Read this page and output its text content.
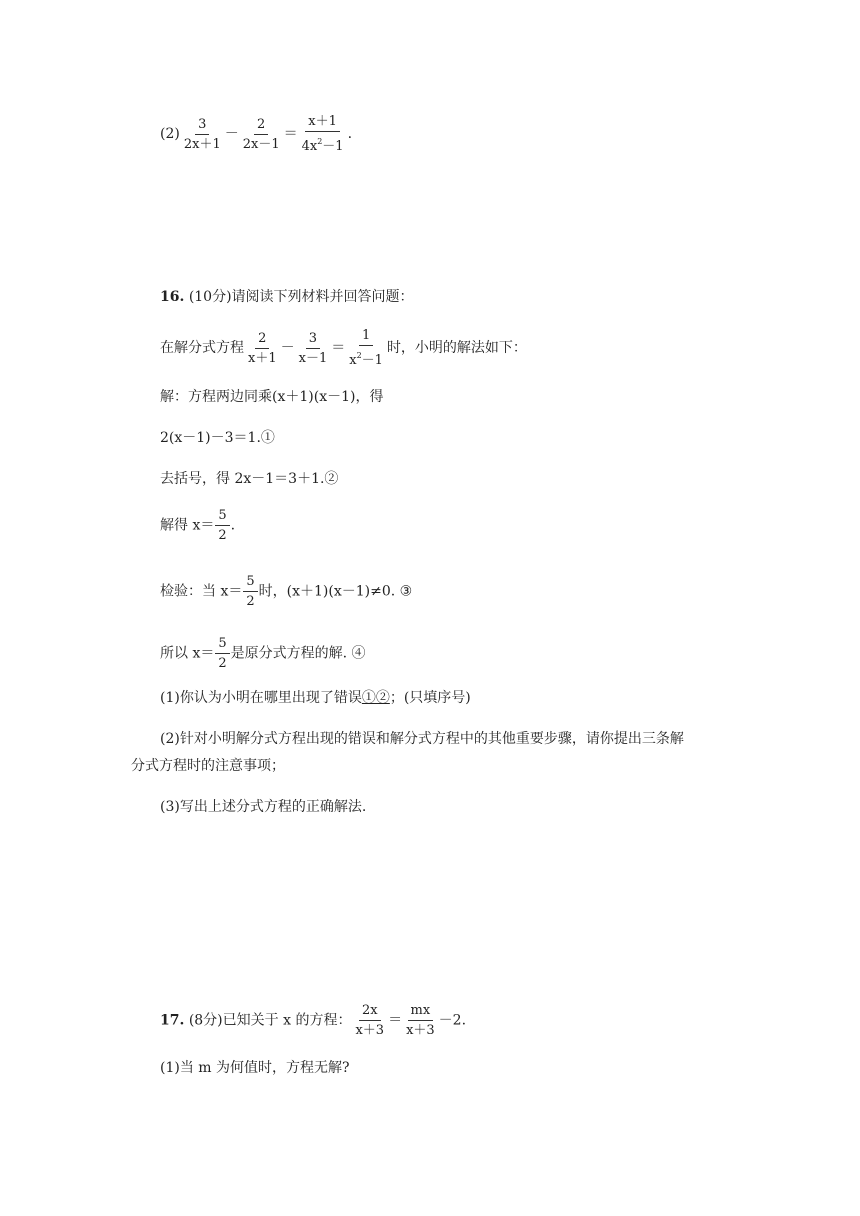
$(2) \frac{3}{2x+1} - \frac{2}{2x-1} = \frac{x+1}{4x^2-1}$ .
16. (10分)请阅读下列材料并回答问题：
在解分式方程 $\frac{2}{x+1} - \frac{3}{x-1} = \frac{1}{x^2-1}$ 时，小明的解法如下：
解：方程两边同乘(x＋1)(x－1)，得
2(x－1)－3＝1.①
去括号，得 2x－1＝3＋1.②
解得 $x= \frac{5}{2}$ .
检验：当 $x= \frac{5}{2}$ 时，(x＋1)(x－1)≠0. ③
所以 $x= \frac{5}{2}$ 是原分式方程的解. ④
(1)你认为小明在哪里出现了错误①②；(只填序号)
(2)针对小明解分式方程出现的错误和解分式方程中的其他重要步骤，请你提出三条解
分式方程时的注意事项；
(3)写出上述分式方程的正确解法.
17. (8分)已知关于 x 的方程： $\frac{2x}{x+3} = \frac{mx}{x+3} -2$.
(1)当 m 为何值时，方程无解?
